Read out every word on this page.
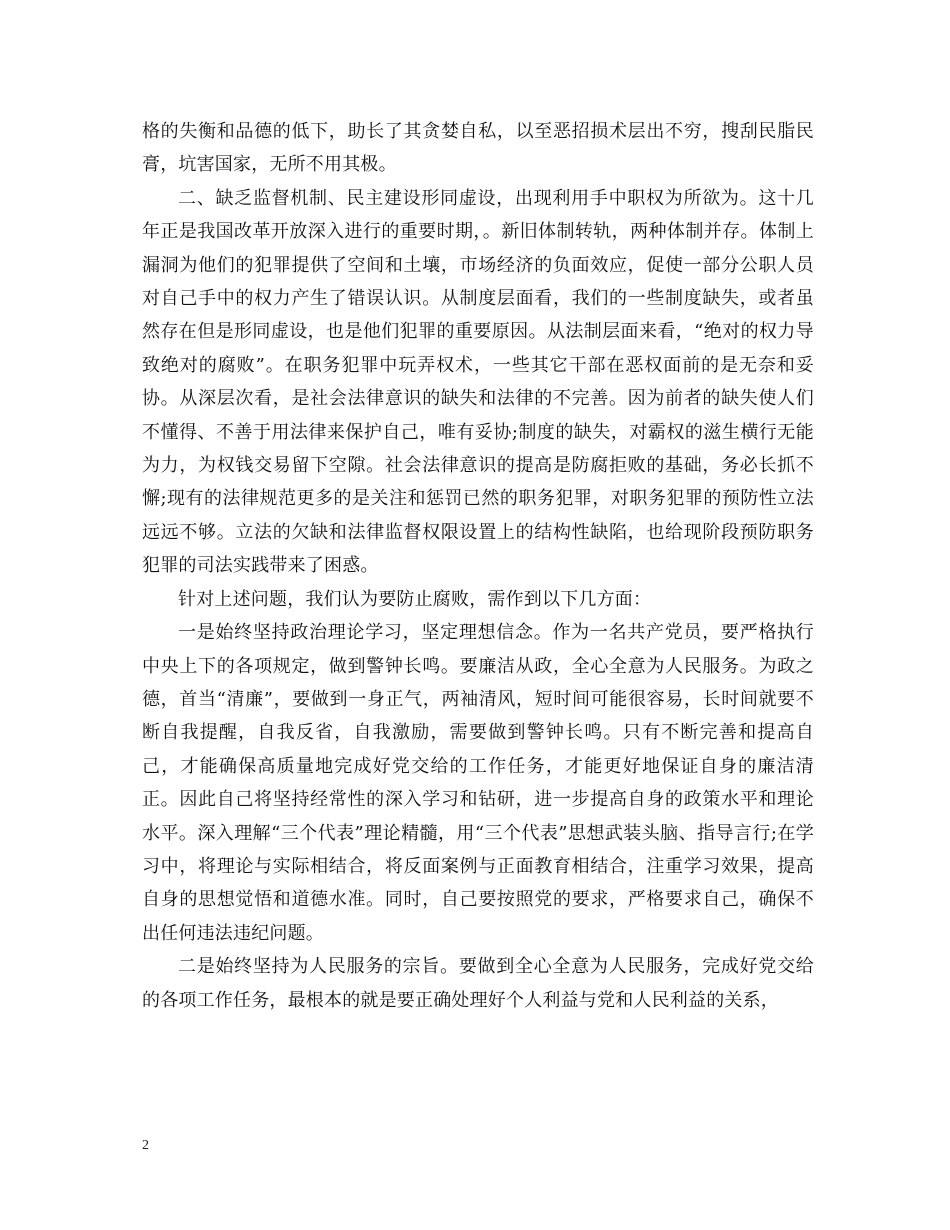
格的失衡和品德的低下，助长了其贪婪自私，以至恶招损术层出不穷，搜刮民脂民膏，坑害国家，无所不用其极。

二、缺乏监督机制、民主建设形同虚设，出现利用手中职权为所欲为。这十几年正是我国改革开放深入进行的重要时期，。新旧体制转轨，两种体制并存。体制上漏洞为他们的犯罪提供了空间和土壤，市场经济的负面效应，促使一部分公职人员对自己手中的权力产生了错误认识。从制度层面看，我们的一些制度缺失，或者虽然存在但是形同虚设，也是他们犯罪的重要原因。从法制层面来看，“绝对的权力导致绝对的腐败”。在职务犯罪中玩弄权术，一些其它干部在恶权面前的是无奈和妥协。从深层次看，是社会法律意识的缺失和法律的不完善。因为前者的缺失使人们不懂得、不善于用法律来保护自己，唯有妥协;制度的缺失，对霸权的滋生横行无能为力，为权钱交易留下空隙。社会法律意识的提高是防腐拒败的基础，务必长抓不懈;现有的法律规范更多的是关注和惩罚已然的职务犯罪，对职务犯罪的预防性立法远远不够。立法的欠缺和法律监督权限设置上的结构性缺陷，也给现阶段预防职务犯罪的司法实践带来了困惑。

针对上述问题，我们认为要防止腐败，需作到以下几方面：

一是始终坚持政治理论学习，坚定理想信念。作为一名共产党员，要严格执行中央上下的各项规定，做到警钟长鸣。要廉洁从政，全心全意为人民服务。为政之德，首当“清廉”，要做到一身正气，两袖清风，短时间可能很容易，长时间就要不断自我提醒，自我反省，自我激励，需要做到警钟长鸣。只有不断完善和提高自己，才能确保高质量地完成好党交给的工作任务，才能更好地保证自身的廉洁清正。因此自己将坚持经常性的深入学习和钻研，进一步提高自身的政策水平和理论水平。深入理解“三个代表”理论精髓，用“三个代表”思想武装头脑、指导言行;在学习中，将理论与实际相结合，将反面案例与正面教育相结合，注重学习效果，提高自身的思想觉悟和道德水准。同时，自己要按照党的要求，严格要求自己，确保不出任何违法违纪问题。

二是始终坚持为人民服务的宗旨。要做到全心全意为人民服务，完成好党交给的各项工作任务，最根本的就是要正确处理好个人利益与党和人民利益的关系，

2
